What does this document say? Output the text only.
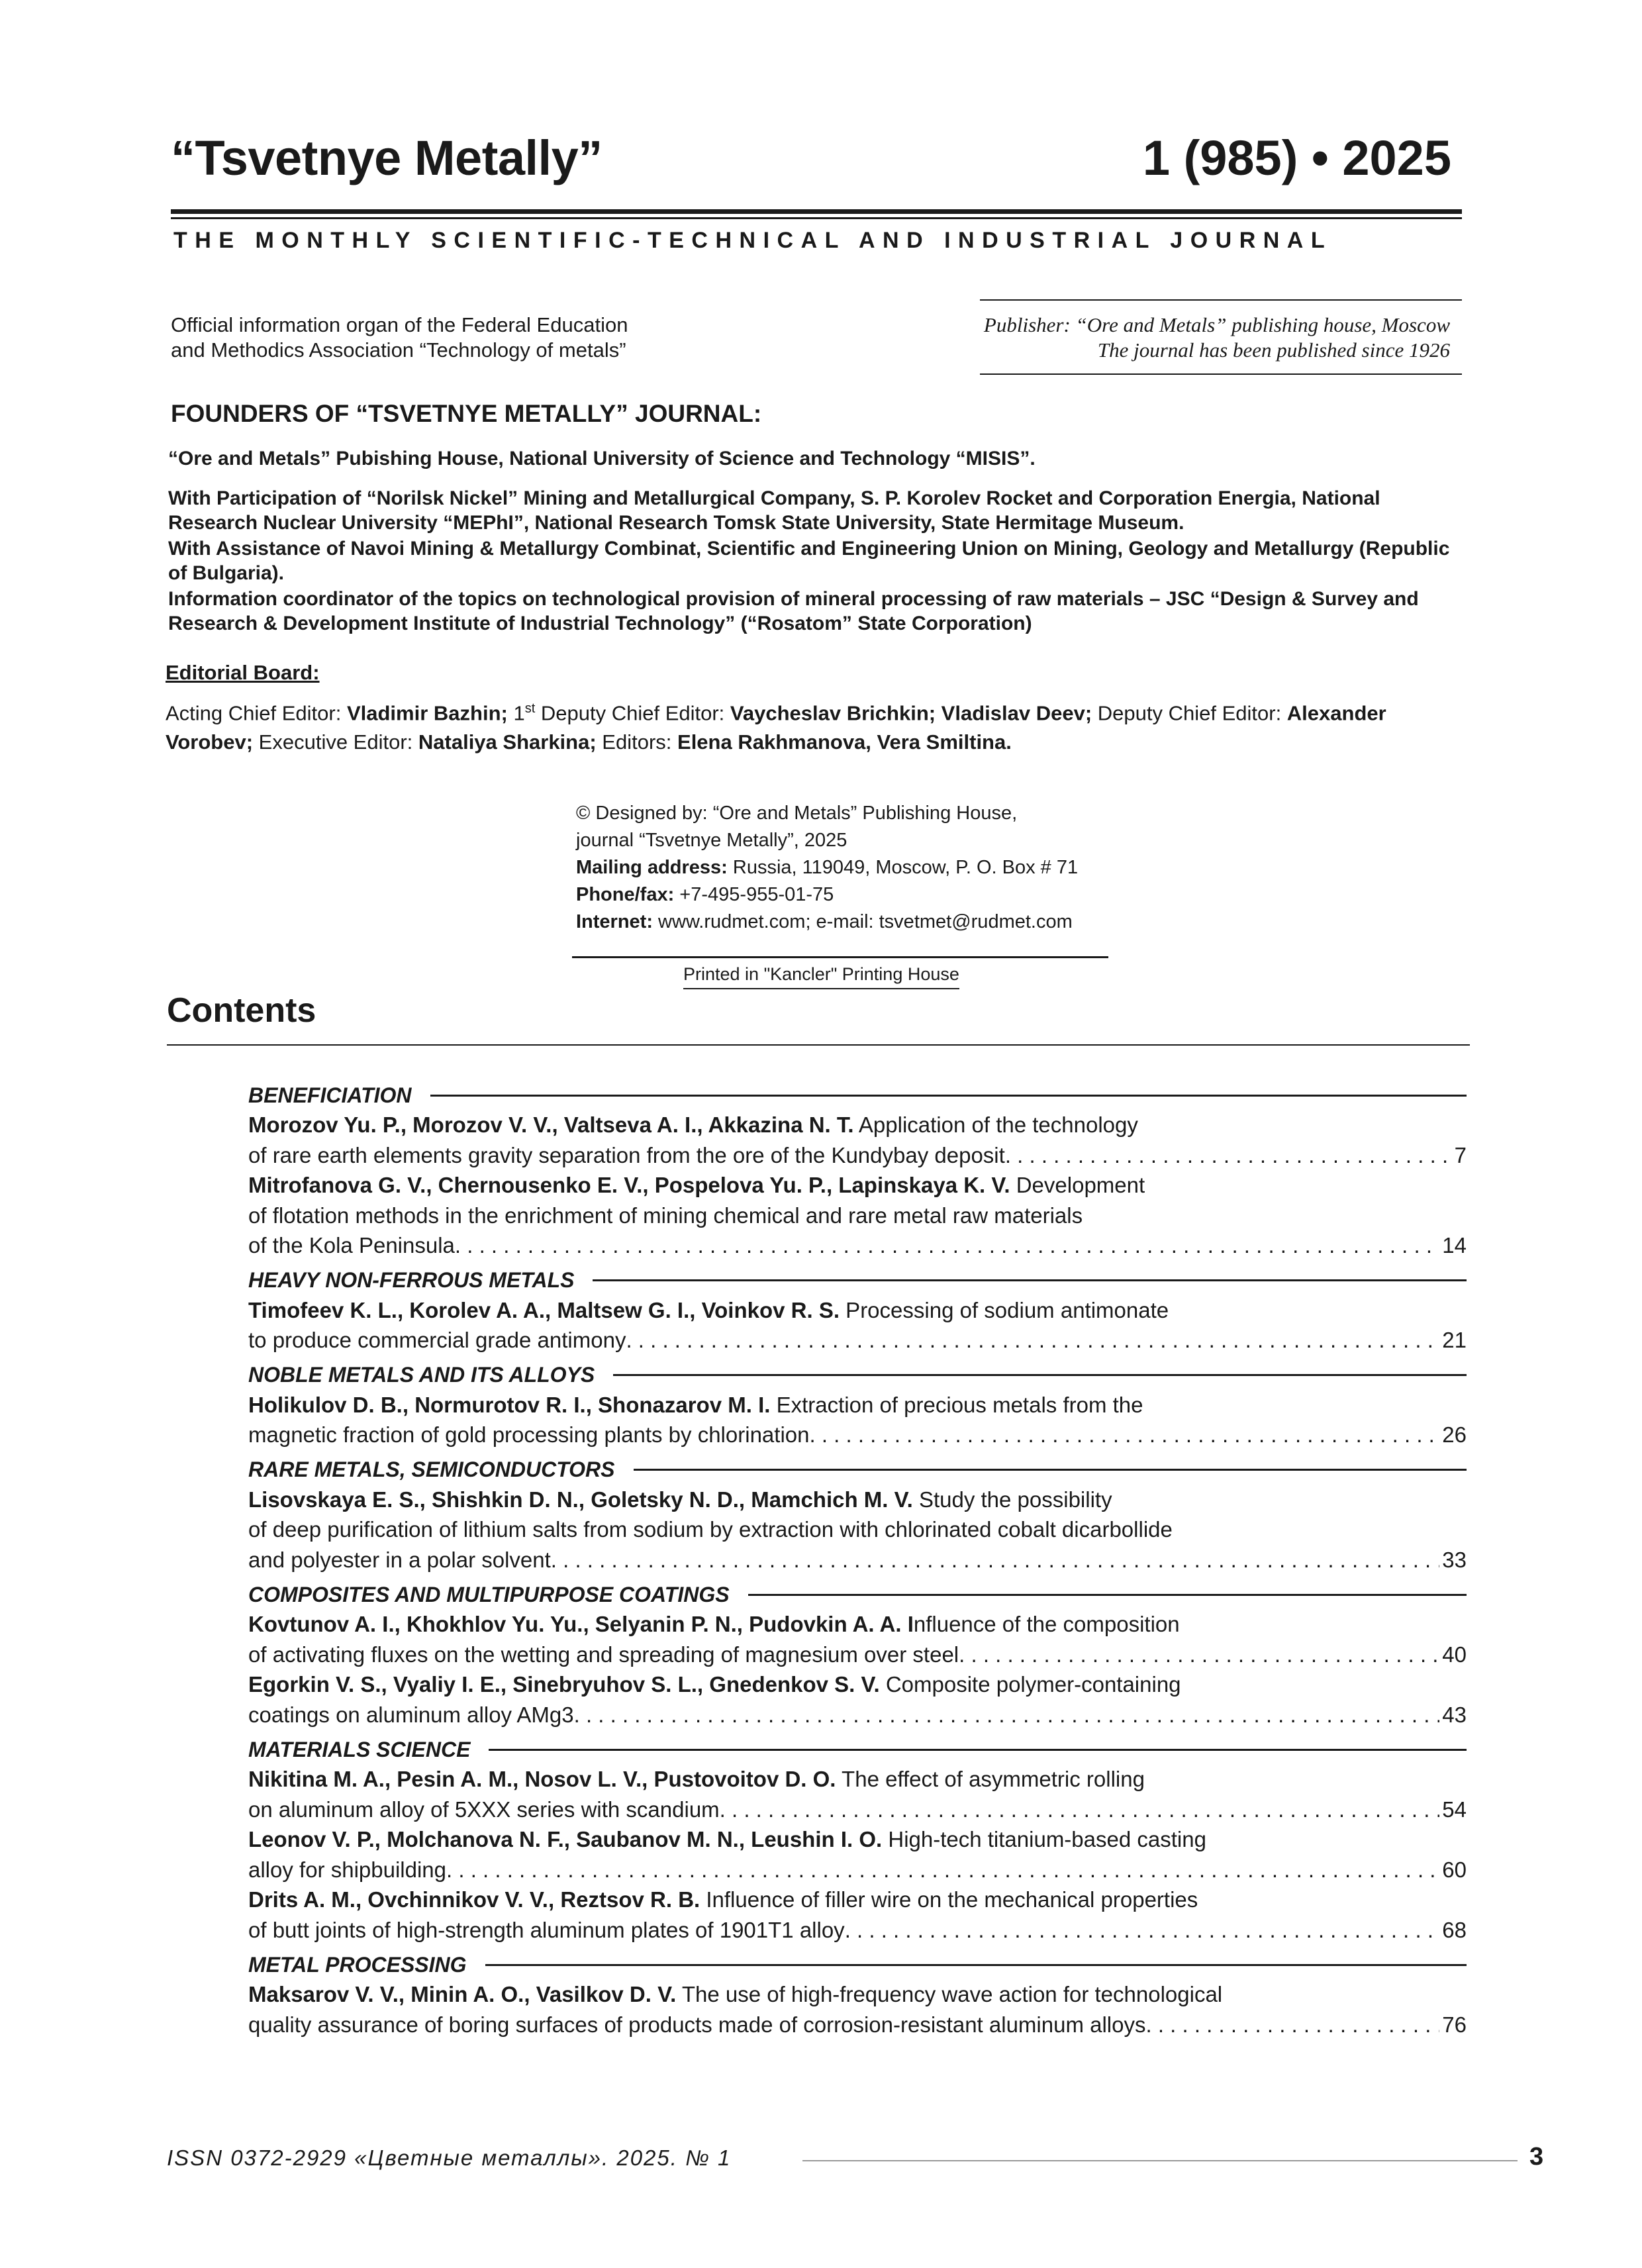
“Tsvetnye Metally”	1 (985) • 2025
THE MONTHLY SCIENTIFIC-TECHNICAL AND INDUSTRIAL JOURNAL
Official information organ of the Federal Education
and Methodics Association “Technology of metals”
Publisher: “Ore and Metals” publishing house, Moscow
The journal has been published since 1926
FOUNDERS OF “TSVETNYE METALLY” JOURNAL:
“Ore and Metals” Pubishing House, National University of Science and Technology “MISIS”.
With Participation of “Norilsk Nickel” Mining and Metallurgical Company, S. P. Korolev Rocket and Corporation Energia, National Research Nuclear University “MEPhI”, National Research Tomsk State University, State Hermitage Museum.
With Assistance of Navoi Mining & Metallurgy Combinat, Scientific and Engineering Union on Mining, Geology and Metallurgy (Republic of Bulgaria).
Information coordinator of the topics on technological provision of mineral processing of raw materials – JSC “Design & Survey and Research & Development Institute of Industrial Technology” (“Rosatom” State Corporation)
Editorial Board:
Acting Chief Editor: Vladimir Bazhin; 1st Deputy Chief Editor: Vaycheslav Brichkin; Vladislav Deev; Deputy Chief Editor: Alexander Vorobev; Executive Editor: Nataliya Sharkina; Editors: Elena Rakhmanova, Vera Smiltina.
© Designed by: “Ore and Metals” Publishing House,
journal “Tsvetnye Metally”, 2025
Mailing address: Russia, 119049, Moscow, P. O. Box # 71
Phone/fax: +7-495-955-01-75
Internet: www.rudmet.com; e-mail: tsvetmet@rudmet.com
Printed in "Kancler" Printing House
Contents
BENEFICIATION
Morozov Yu. P., Morozov V. V., Valtseva A. I., Akkazina N. T. Application of the technology
of rare earth elements gravity separation from the ore of the Kundybay deposit . . .	7
Mitrofanova G. V., Chernousenko E. V., Pospelova Yu. P., Lapinskaya K. V. Development
of flotation methods in the enrichment of mining chemical and rare metal raw materials
of the Kola Peninsula . . .	14
HEAVY NON-FERROUS METALS
Timofeev K. L., Korolev A. A., Maltsew G. I., Voinkov R. S. Processing of sodium antimonate
to produce commercial grade antimony . . .	21
NOBLE METALS AND ITS ALLOYS
Holikulov D. B., Normurotov R. I., Shonazarov M. I. Extraction of precious metals from the
magnetic fraction of gold processing plants by chlorination . . .	26
RARE METALS, SEMICONDUCTORS
Lisovskaya E. S., Shishkin D. N., Goletsky N. D., Mamchich M. V. Study the possibility
of deep purification of lithium salts from sodium by extraction with chlorinated cobalt dicarbollide
and polyester in a polar solvent . . .	33
COMPOSITES AND MULTIPURPOSE COATINGS
Kovtunov A. I., Khokhlov Yu. Yu., Selyanin P. N., Pudovkin A. A. Influence of the composition
of activating fluxes on the wetting and spreading of magnesium over steel . . .	40
Egorkin V. S., Vyaliy I. E., Sinebryuhov S. L., Gnedenkov S. V. Composite polymer-containing
coatings on aluminum alloy AMg3 . . .	43
MATERIALS SCIENCE
Nikitina M. A., Pesin A. M., Nosov L. V., Pustovoitov D. O. The effect of asymmetric rolling
on aluminum alloy of 5XXX series with scandium . . .	54
Leonov V. P., Molchanova N. F., Saubanov M. N., Leushin I. O. High-tech titanium-based casting
alloy for shipbuilding . . .	60
Drits A. M., Ovchinnikov V. V., Reztsov R. B. Influence of filler wire on the mechanical properties
of butt joints of high-strength aluminum plates of 1901T1 alloy . . .	68
METAL PROCESSING
Maksarov V. V., Minin A. O., Vasilkov D. V. The use of high-frequency wave action for technological
quality assurance of boring surfaces of products made of corrosion-resistant aluminum alloys . . .	76
ISSN 0372-2929 «Цветные металлы». 2025. № 1	3
